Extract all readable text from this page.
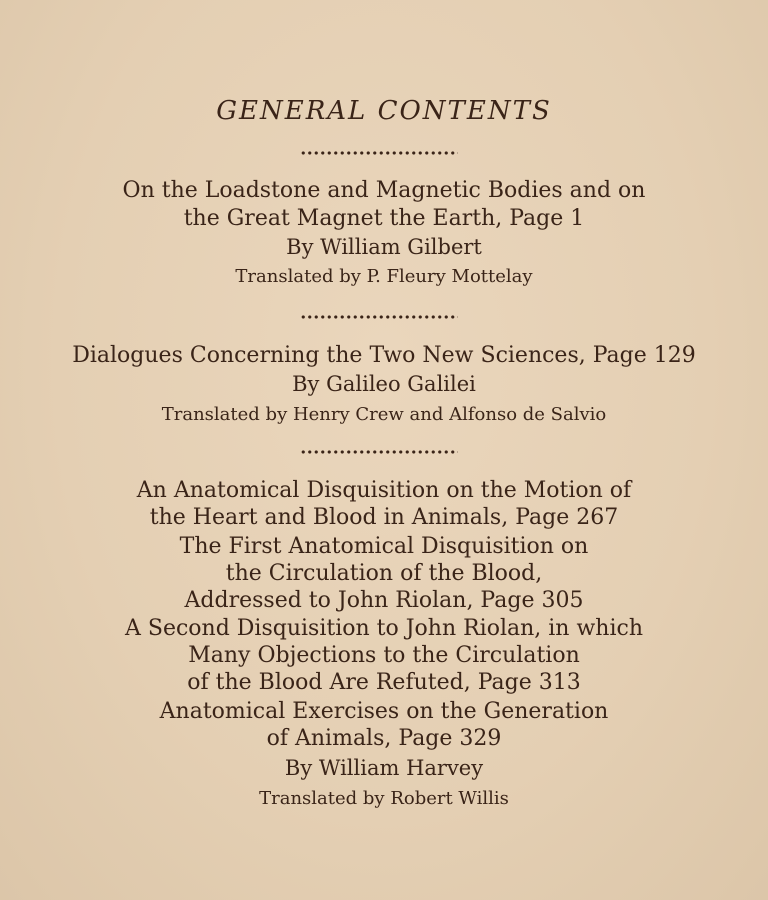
GENERAL CONTENTS
On the Loadstone and Magnetic Bodies and on
the Great Magnet the Earth, Page 1
By William Gilbert
Translated by P. Fleury Mottelay
Dialogues Concerning the Two New Sciences, Page 129
By Galileo Galilei
Translated by Henry Crew and Alfonso de Salvio
An Anatomical Disquisition on the Motion of
the Heart and Blood in Animals, Page 267
The First Anatomical Disquisition on
the Circulation of the Blood,
Addressed to John Riolan, Page 305
A Second Disquisition to John Riolan, in which
Many Objections to the Circulation
of the Blood Are Refuted, Page 313
Anatomical Exercises on the Generation
of Animals, Page 329
By William Harvey
Translated by Robert Willis
